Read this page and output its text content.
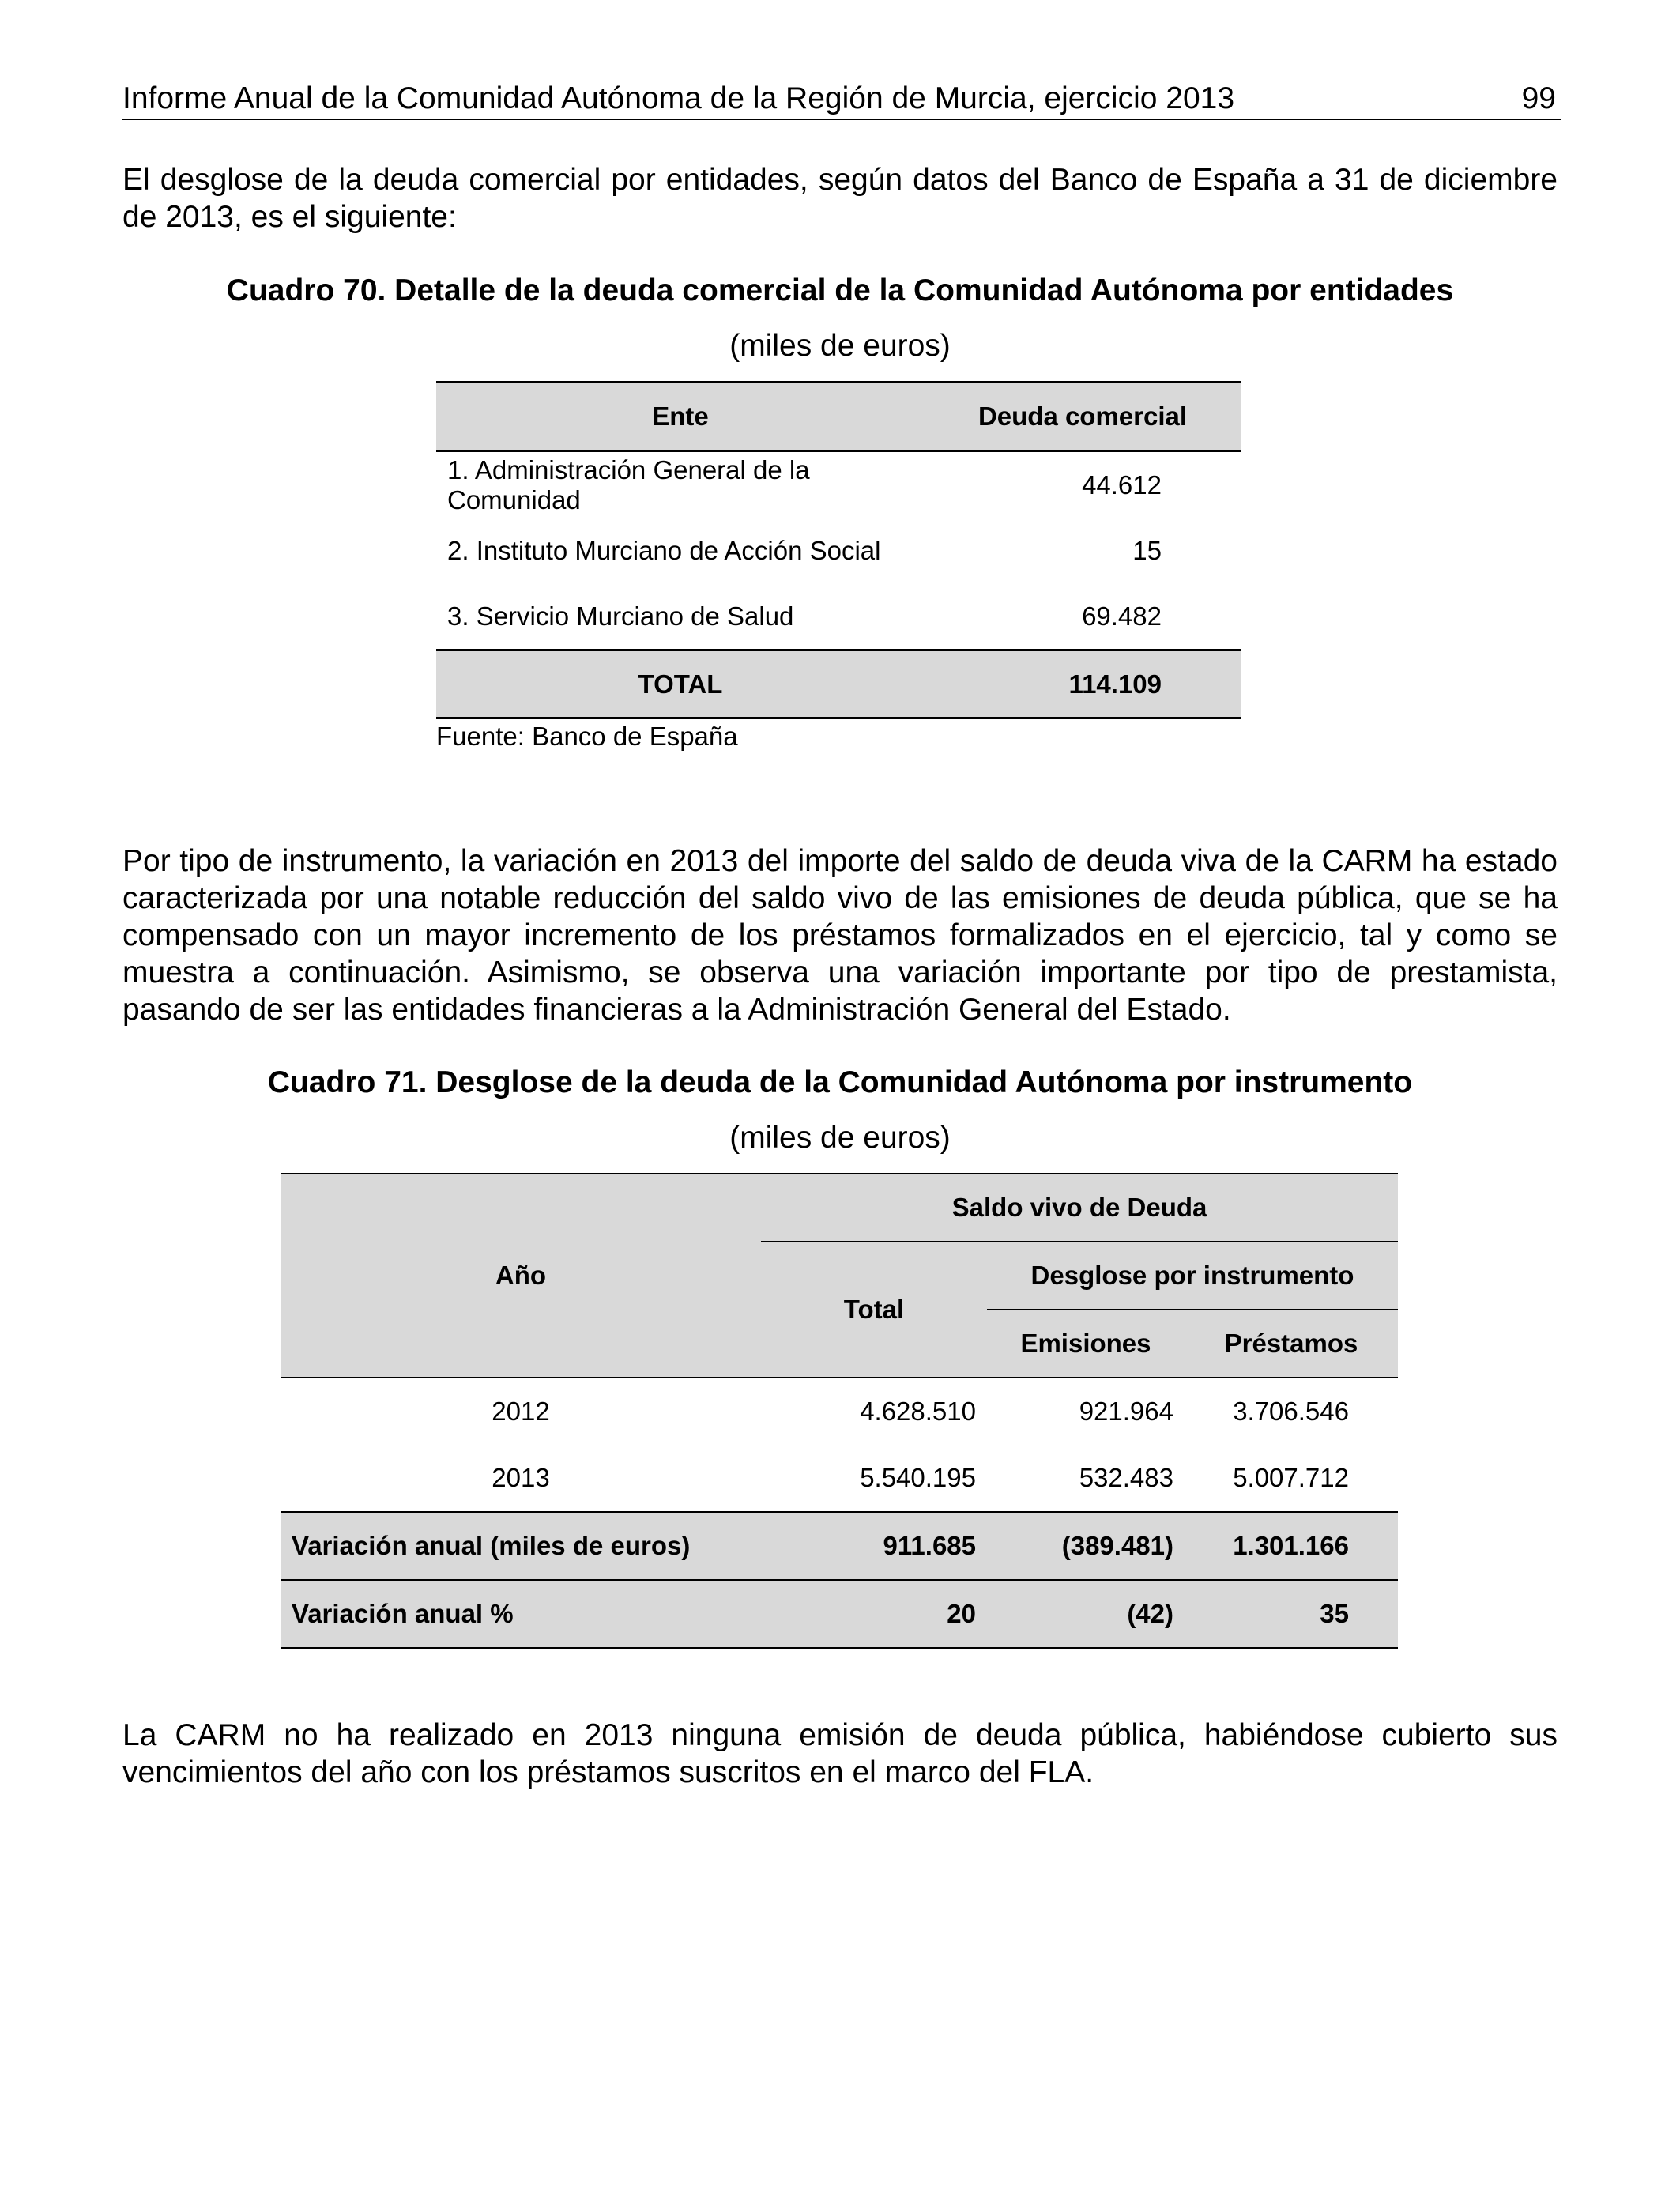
Informe Anual de la Comunidad Autónoma de la Región de Murcia, ejercicio 2013	99

El desglose de la deuda comercial por entidades, según datos del Banco de España a 31 de diciembre de 2013, es el siguiente:

Cuadro 70. Detalle de la deuda comercial de la Comunidad Autónoma por entidades
(miles de euros)
Ente	Deuda comercial
1. Administración General de la Comunidad	44.612
2. Instituto Murciano de Acción Social	15
3. Servicio Murciano de Salud	69.482
TOTAL	114.109
Fuente: Banco de España

Por tipo de instrumento, la variación en 2013 del importe del saldo de deuda viva de la CARM ha estado caracterizada por una notable reducción del saldo vivo de las emisiones de deuda pública, que se ha compensado con un mayor incremento de los préstamos formalizados en el ejercicio, tal y como se muestra a continuación. Asimismo, se observa una variación importante por tipo de prestamista, pasando de ser las entidades financieras a la Administración General del Estado.

Cuadro 71. Desglose de la deuda de la Comunidad Autónoma por instrumento
(miles de euros)
Año	Saldo vivo de Deuda		
	Total	Desglose por instrumento	
		Emisiones	Préstamos
2012	4.628.510	921.964	3.706.546
2013	5.540.195	532.483	5.007.712
Variación anual (miles de euros)	911.685	(389.481)	1.301.166
Variación anual %	20	(42)	35

La CARM no ha realizado en 2013 ninguna emisión de deuda pública, habiéndose cubierto sus vencimientos del año con los préstamos suscritos en el marco del FLA.
